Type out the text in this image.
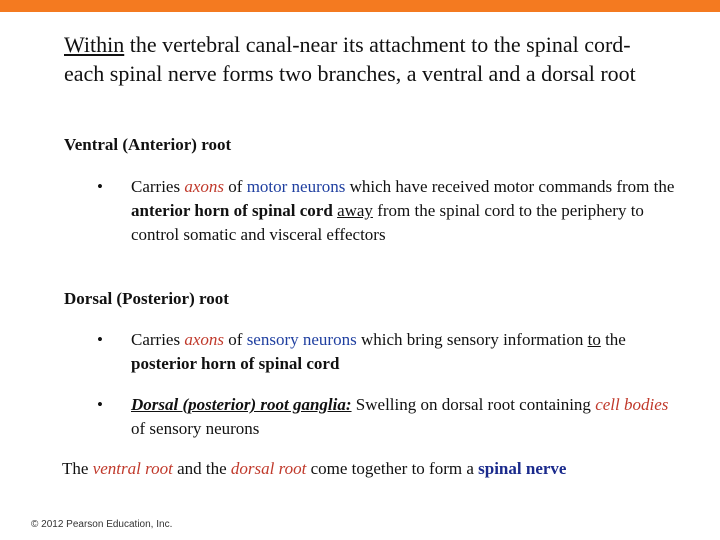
Within the vertebral canal-near its attachment to the spinal cord- each spinal nerve forms two branches, a ventral and a dorsal root
Ventral (Anterior) root
• Carries axons of motor neurons which have received motor commands from the anterior horn of spinal cord away from the spinal cord to the periphery to control somatic and visceral effectors
Dorsal (Posterior) root
• Carries axons of sensory neurons which bring sensory information to the posterior horn of spinal cord
• Dorsal (posterior) root ganglia: Swelling on dorsal root containing cell bodies of sensory neurons
The ventral root and the dorsal root come together to form a spinal nerve
© 2012 Pearson Education, Inc.
